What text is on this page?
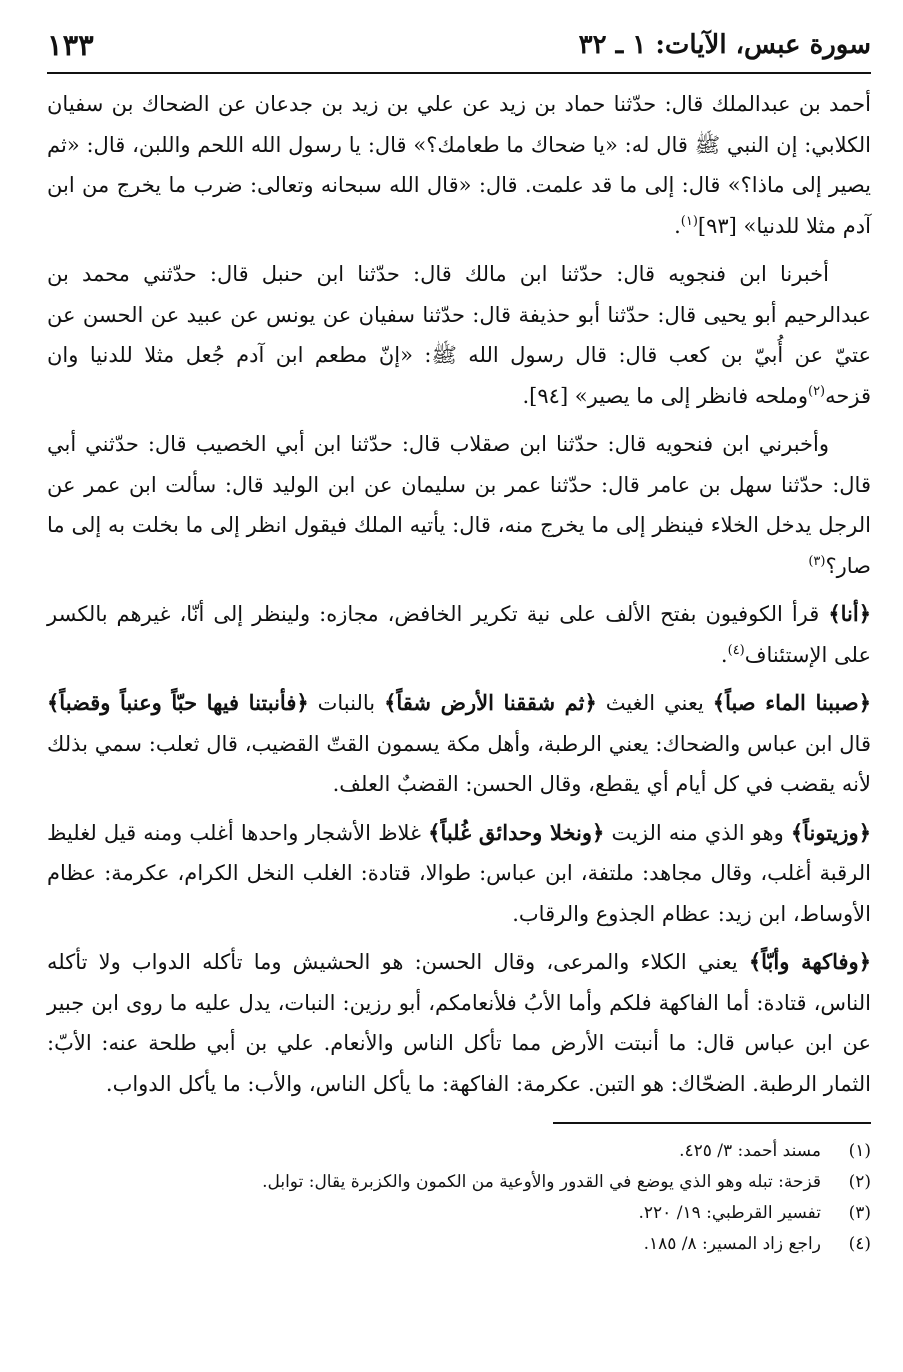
سورة عبس، الآيات: ١ ـ ٣٢
١٣٣

أحمد بن عبدالملك قال: حدّثنا حماد بن زيد عن علي بن زيد بن جدعان عن الضحاك بن سفيان الكلابي: إن النبي ﷺ قال له: «يا ضحاك ما طعامك؟» قال: يا رسول الله اللحم واللبن، قال: «ثم يصير إلى ماذا؟» قال: إلى ما قد علمت. قال: «قال الله سبحانه وتعالى: ضرب ما يخرج من ابن آدم مثلا للدنيا» [٩٣]$^{(١)}$.

أخبرنا ابن فنجويه قال: حدّثنا ابن مالك قال: حدّثنا ابن حنبل قال: حدّثني محمد بن عبدالرحيم أبو يحيى قال: حدّثنا أبو حذيفة قال: حدّثنا سفيان عن يونس عن عبيد عن الحسن عن عتيّ عن أُبيّ بن كعب قال: قال رسول الله ﷺ: «إنّ مطعم ابن آدم جُعل مثلا للدنيا وان قزحه$^{(٢)}$وملحه فانظر إلى ما يصير» [٩٤].

وأخبرني ابن فنحويه قال: حدّثنا ابن صقلاب قال: حدّثنا ابن أبي الخصيب قال: حدّثني أبي قال: حدّثنا سهل بن عامر قال: حدّثنا عمر بن سليمان عن ابن الوليد قال: سألت ابن عمر عن الرجل يدخل الخلاء فينظر إلى ما يخرج منه، قال: يأتيه الملك فيقول انظر إلى ما بخلت به إلى ما صار؟$^{(٣)}$

﴿أنا﴾ قرأ الكوفيون بفتح الألف على نية تكرير الخافض، مجازه: ولينظر إلى أنّا، غيرهم بالكسر على الإستئناف$^{(٤)}$.

﴿صببنا الماء صباً﴾ يعني الغيث ﴿ثم شققنا الأرض شقاً﴾ بالنبات ﴿فأنبتنا فيها حبّاً وعنباً وقضباً﴾ قال ابن عباس والضحاك: يعني الرطبة، وأهل مكة يسمون القتّ القضيب، قال ثعلب: سمي بذلك لأنه يقضب في كل أيام أي يقطع، وقال الحسن: القضبٌ العلف.

﴿وزيتوناً﴾ وهو الذي منه الزيت ﴿ونخلا وحدائق غُلباً﴾ غلاظ الأشجار واحدها أغلب ومنه قيل لغليظ الرقبة أغلب، وقال مجاهد: ملتفة، ابن عباس: طوالا، قتادة: الغلب النخل الكرام، عكرمة: عظام الأوساط، ابن زيد: عظام الجذوع والرقاب.

﴿وفاكهة وأبّاً﴾ يعني الكلاء والمرعى، وقال الحسن: هو الحشيش وما تأكله الدواب ولا تأكله الناس، قتادة: أما الفاكهة فلكم وأما الأبُ فلأنعامكم، أبو رزين: النبات، يدل عليه ما روى ابن جبير عن ابن عباس قال: ما أنبتت الأرض مما تأكل الناس والأنعام. علي بن أبي طلحة عنه: الأبّ: الثمار الرطبة. الضحّاك: هو التبن. عكرمة: الفاكهة: ما يأكل الناس، والأب: ما يأكل الدواب.

(١)
مسند أحمد: ٣/ ٤٢٥.
(٢)
قزحة: تبله وهو الذي يوضع في القدور والأوعية من الكمون والكزبرة يقال: توابل.
(٣)
تفسير القرطبي: ١٩/ ٢٢٠.
(٤)
راجع زاد المسير: ٨/ ١٨٥.
